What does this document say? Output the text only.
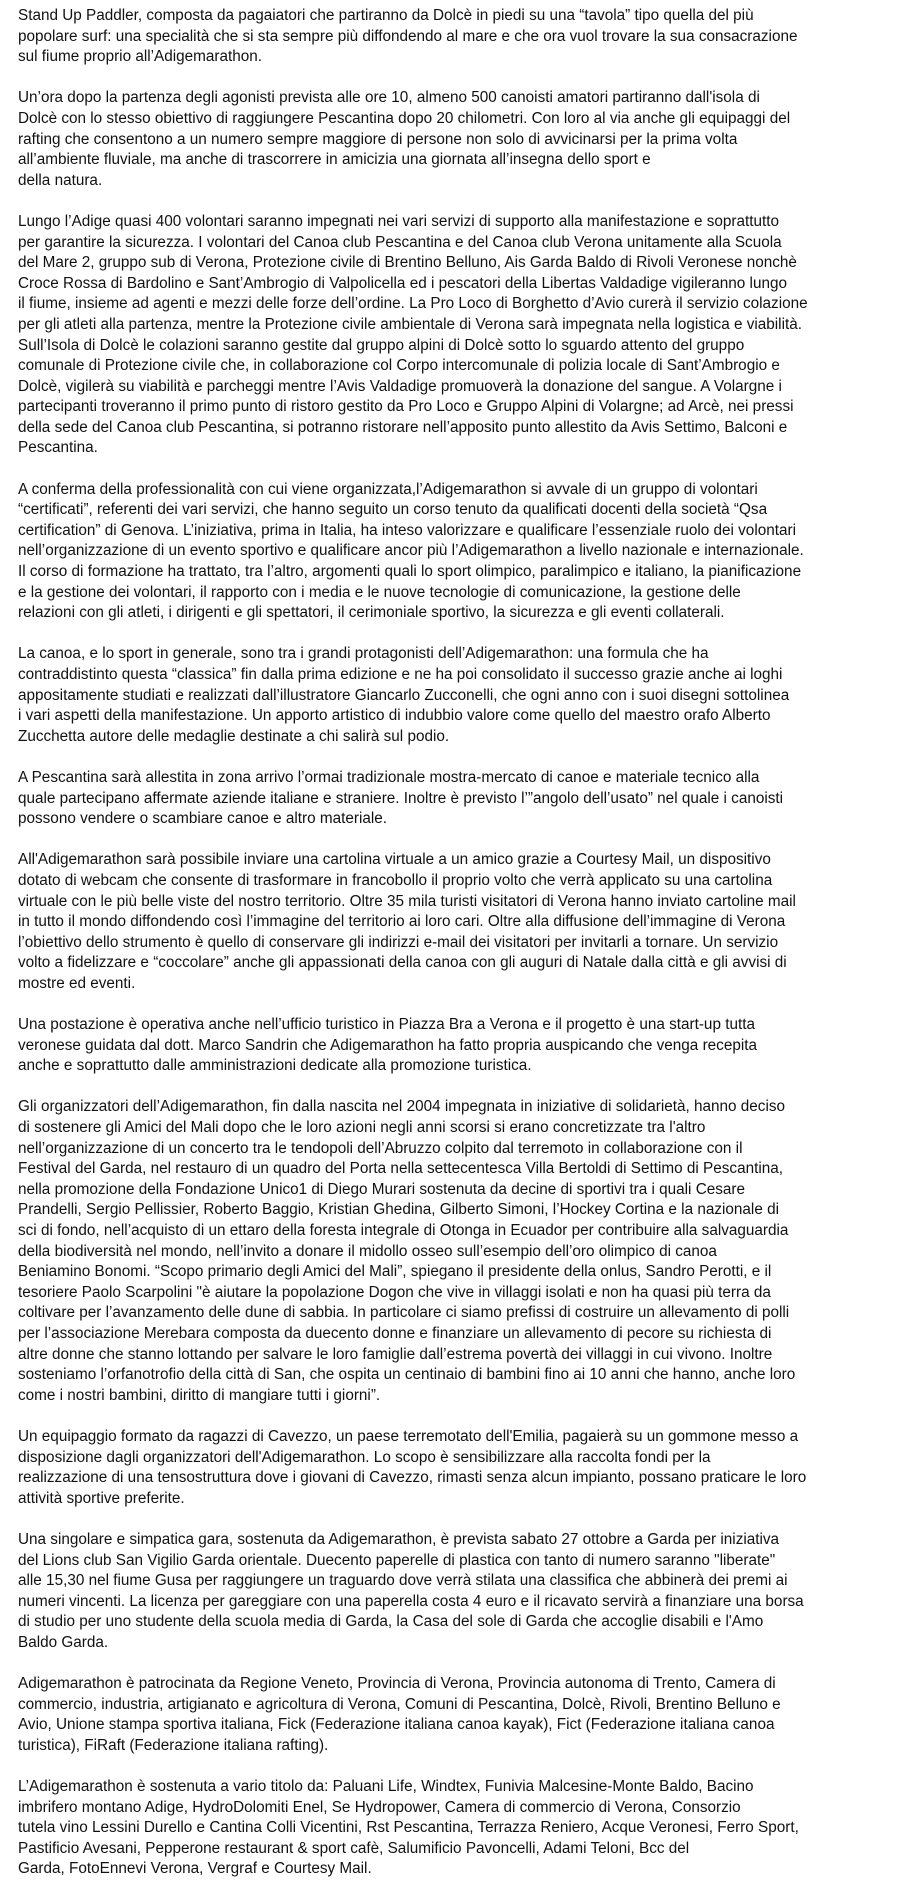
Stand Up Paddler, composta da pagaiatori che partiranno da Dolcè in piedi su una “tavola” tipo quella del più
popolare surf: una specialità che si sta sempre più diffondendo al mare e che ora vuol trovare la sua consacrazione
sul fiume proprio all’Adigemarathon.

Un’ora dopo la partenza degli agonisti prevista alle ore 10, almeno 500 canoisti amatori partiranno dall'isola di
Dolcè con lo stesso obiettivo di raggiungere Pescantina dopo 20 chilometri. Con loro al via anche gli equipaggi del
rafting che consentono a un numero sempre maggiore di persone non solo di avvicinarsi per la prima volta
all’ambiente fluviale, ma anche di trascorrere in amicizia una giornata all’insegna dello sport e
della natura.

Lungo l’Adige quasi 400 volontari saranno impegnati nei vari servizi di supporto alla manifestazione e soprattutto
per garantire la sicurezza. I volontari del Canoa club Pescantina e del Canoa club Verona unitamente alla Scuola
del Mare 2, gruppo sub di Verona, Protezione civile di Brentino Belluno, Ais Garda Baldo di Rivoli Veronese nonchè
Croce Rossa di Bardolino e Sant’Ambrogio di Valpolicella ed i pescatori della Libertas Valdadige vigileranno lungo
il fiume, insieme ad agenti e mezzi delle forze dell’ordine. La Pro Loco di Borghetto d’Avio curerà il servizio colazione
per gli atleti alla partenza, mentre la Protezione civile ambientale di Verona sarà impegnata nella logistica e viabilità.
Sull’Isola di Dolcè le colazioni saranno gestite dal gruppo alpini di Dolcè sotto lo sguardo attento del gruppo
comunale di Protezione civile che, in collaborazione col Corpo intercomunale di polizia locale di Sant’Ambrogio e
Dolcè, vigilerà su viabilità e parcheggi mentre l’Avis Valdadige promuoverà la donazione del sangue. A Volargne i
partecipanti troveranno il primo punto di ristoro gestito da Pro Loco e Gruppo Alpini di Volargne; ad Arcè, nei pressi
della sede del Canoa club Pescantina, si potranno ristorare nell’apposito punto allestito da Avis Settimo, Balconi e
Pescantina.

A conferma della professionalità con cui viene organizzata,l’Adigemarathon si avvale di un gruppo di volontari
“certificati”, referenti dei vari servizi, che hanno seguito un corso tenuto da qualificati docenti della società “Qsa
certification” di Genova. L’iniziativa, prima in Italia, ha inteso valorizzare e qualificare l’essenziale ruolo dei volontari
nell’organizzazione di un evento sportivo e qualificare ancor più l’Adigemarathon a livello nazionale e internazionale.
Il corso di formazione ha trattato, tra l’altro, argomenti quali lo sport olimpico, paralimpico e italiano, la pianificazione
e la gestione dei volontari, il rapporto con i media e le nuove tecnologie di comunicazione, la gestione delle
relazioni con gli atleti, i dirigenti e gli spettatori, il cerimoniale sportivo, la sicurezza e gli eventi collaterali.

La canoa, e lo sport in generale, sono tra i grandi protagonisti dell’Adigemarathon: una formula che ha
contraddistinto questa “classica” fin dalla prima edizione e ne ha poi consolidato il successo grazie anche ai loghi
appositamente studiati e realizzati dall’illustratore Giancarlo Zucconelli, che ogni anno con i suoi disegni sottolinea
i vari aspetti della manifestazione. Un apporto artistico di indubbio valore come quello del maestro orafo Alberto
Zucchetta autore delle medaglie destinate a chi salirà sul podio.

A Pescantina sarà allestita in zona arrivo l’ormai tradizionale mostra-mercato di canoe e materiale tecnico alla
quale partecipano affermate aziende italiane e straniere. Inoltre è previsto l’”angolo dell’usato” nel quale i canoisti
possono vendere o scambiare canoe e altro materiale.

All'Adigemarathon sarà possibile inviare una cartolina virtuale a un amico grazie a Courtesy Mail, un dispositivo
dotato di webcam che consente di trasformare in francobollo il proprio volto che verrà applicato su una cartolina
virtuale con le più belle viste del nostro territorio. Oltre 35 mila turisti visitatori di Verona hanno inviato cartoline mail
in tutto il mondo diffondendo così l’immagine del territorio ai loro cari. Oltre alla diffusione dell’immagine di Verona
l’obiettivo dello strumento è quello di conservare gli indirizzi e-mail dei visitatori per invitarli a tornare. Un servizio
volto a fidelizzare e “coccolare” anche gli appassionati della canoa con gli auguri di Natale dalla città e gli avvisi di
mostre ed eventi.

Una postazione è operativa anche nell’ufficio turistico in Piazza Bra a Verona e il progetto è una start-up tutta
veronese guidata dal dott. Marco Sandrin che Adigemarathon ha fatto propria auspicando che venga recepita
anche e soprattutto dalle amministrazioni dedicate alla promozione turistica.

Gli organizzatori dell’Adigemarathon, fin dalla nascita nel 2004 impegnata in iniziative di solidarietà, hanno deciso
di sostenere gli Amici del Mali dopo che le loro azioni negli anni scorsi si erano concretizzate tra l'altro
nell’organizzazione di un concerto tra le tendopoli dell’Abruzzo colpito dal terremoto in collaborazione con il
Festival del Garda, nel restauro di un quadro del Porta nella settecentesca Villa Bertoldi di Settimo di Pescantina,
nella promozione della Fondazione Unico1 di Diego Murari sostenuta da decine di sportivi tra i quali Cesare
Prandelli, Sergio Pellissier, Roberto Baggio, Kristian Ghedina, Gilberto Simoni, l’Hockey Cortina e la nazionale di
sci di fondo, nell’acquisto di un ettaro della foresta integrale di Otonga in Ecuador per contribuire alla salvaguardia
della biodiversità nel mondo, nell’invito a donare il midollo osseo sull’esempio dell’oro olimpico di canoa
Beniamino Bonomi. “Scopo primario degli Amici del Mali”, spiegano il presidente della onlus, Sandro Perotti, e il
tesoriere Paolo Scarpolini "è aiutare la popolazione Dogon che vive in villaggi isolati e non ha quasi più terra da
coltivare per l’avanzamento delle dune di sabbia. In particolare ci siamo prefissi di costruire un allevamento di polli
per l’associazione Merebara composta da duecento donne e finanziare un allevamento di pecore su richiesta di
altre donne che stanno lottando per salvare le loro famiglie dall’estrema povertà dei villaggi in cui vivono. Inoltre
sosteniamo l’orfanotrofio della città di San, che ospita un centinaio di bambini fino ai 10 anni che hanno, anche loro
come i nostri bambini, diritto di mangiare tutti i giorni”.

Un equipaggio formato da ragazzi di Cavezzo, un paese terremotato dell'Emilia, pagaierà su un gommone messo a
disposizione dagli organizzatori dell'Adigemarathon. Lo scopo è sensibilizzare alla raccolta fondi per la
realizzazione di una tensostruttura dove i giovani di Cavezzo, rimasti senza alcun impianto, possano praticare le loro
attività sportive preferite.

Una singolare e simpatica gara, sostenuta da Adigemarathon, è prevista sabato 27 ottobre a Garda per iniziativa
del Lions club San Vigilio Garda orientale. Duecento paperelle di plastica con tanto di numero saranno "liberate"
alle 15,30 nel fiume Gusa per raggiungere un traguardo dove verrà stilata una classifica che abbinerà dei premi ai
numeri vincenti. La licenza per gareggiare con una paperella costa 4 euro e il ricavato servirà a finanziare una borsa
di studio per uno studente della scuola media di Garda, la Casa del sole di Garda che accoglie disabili e l'Amo
Baldo Garda.

Adigemarathon è patrocinata da Regione Veneto, Provincia di Verona, Provincia autonoma di Trento, Camera di
commercio, industria, artigianato e agricoltura di Verona, Comuni di Pescantina, Dolcè, Rivoli, Brentino Belluno e
Avio, Unione stampa sportiva italiana, Fick (Federazione italiana canoa kayak), Fict (Federazione italiana canoa
turistica), FiRaft (Federazione italiana rafting).

L’Adigemarathon è sostenuta a vario titolo da: Paluani Life, Windtex, Funivia Malcesine-Monte Baldo, Bacino
imbrifero montano Adige, HydroDolomiti Enel, Se Hydropower, Camera di commercio di Verona, Consorzio
tutela vino Lessini Durello e Cantina Colli Vicentini, Rst Pescantina, Terrazza Reniero, Acque Veronesi, Ferro Sport,
Pastificio Avesani, Pepperone restaurant & sport cafè, Salumificio Pavoncelli, Adami Teloni, Bcc del
Garda, FotoEnnevi Verona, Vergraf e Courtesy Mail.
